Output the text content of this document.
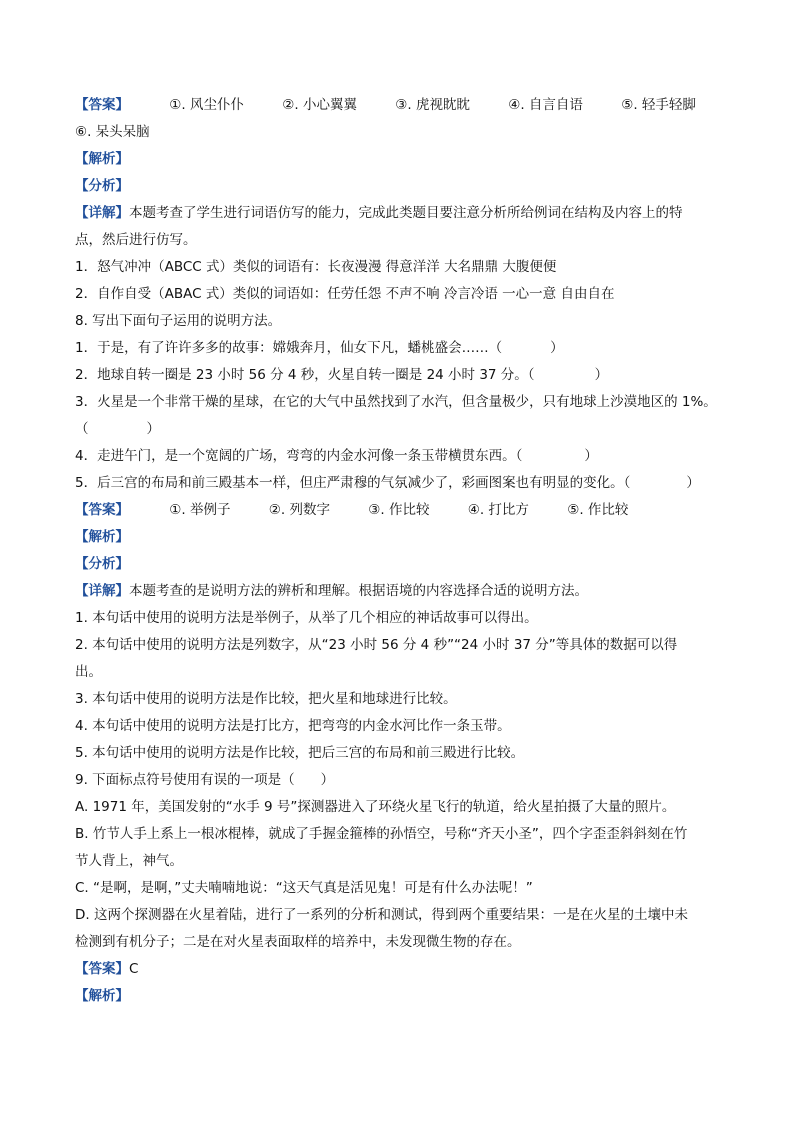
【答案】	①. 风尘仆仆	②. 小心翼翼	③. 虎视眈眈	④. 自言自语	⑤. 轻手轻脚
⑥. 呆头呆脑
【解析】
【分析】
【详解】本题考查了学生进行词语仿写的能力，完成此类题目要注意分析所给例词在结构及内容上的特
点，然后进行仿写。
1．怒气冲冲（ABCC 式）类似的词语有：长夜漫漫 得意洋洋 大名鼎鼎 大腹便便
2．自作自受（ABAC 式）类似的词语如：任劳任怨 不声不响 冷言冷语 一心一意 自由自在
8. 写出下面句子运用的说明方法。
1．于是，有了许许多多的故事：嫦娥奔月，仙女下凡，蟠桃盛会……（	）
2．地球自转一圈是 23 小时 56 分 4 秒，火星自转一圈是 24 小时 37 分。（	）
3．火星是一个非常干燥的星球，在它的大气中虽然找到了水汽，但含量极少，只有地球上沙漠地区的 1%。
（	）
4．走进午门，是一个宽阔的广场，弯弯的内金水河像一条玉带横贯东西。（	）
5．后三宫的布局和前三殿基本一样，但庄严肃穆的气氛减少了，彩画图案也有明显的变化。（	）
【答案】	①. 举例子	②. 列数字	③. 作比较	④. 打比方	⑤. 作比较
【解析】
【分析】
【详解】本题考查的是说明方法的辨析和理解。根据语境的内容选择合适的说明方法。
1. 本句话中使用的说明方法是举例子，从举了几个相应的神话故事可以得出。
2. 本句话中使用的说明方法是列数字，从“23 小时 56 分 4 秒”“24 小时 37 分”等具体的数据可以得
出。
3. 本句话中使用的说明方法是作比较，把火星和地球进行比较。
4. 本句话中使用的说明方法是打比方，把弯弯的内金水河比作一条玉带。
5. 本句话中使用的说明方法是作比较，把后三宫的布局和前三殿进行比较。
9. 下面标点符号使用有误的一项是（ ）
A. 1971 年，美国发射的“水手 9 号”探测器进入了环绕火星飞行的轨道，给火星拍摄了大量的照片。
B. 竹节人手上系上一根冰棍棒，就成了手握金箍棒的孙悟空，号称“齐天小圣”，四个字歪歪斜斜刻在竹
节人背上，神气。
C. “是啊，是啊，”丈夫喃喃地说：“这天气真是活见鬼！可是有什么办法呢！”
D. 这两个探测器在火星着陆，进行了一系列的分析和测试，得到两个重要结果：一是在火星的土壤中未
检测到有机分子；二是在对火星表面取样的培养中，未发现微生物的存在。
【答案】C
【解析】
